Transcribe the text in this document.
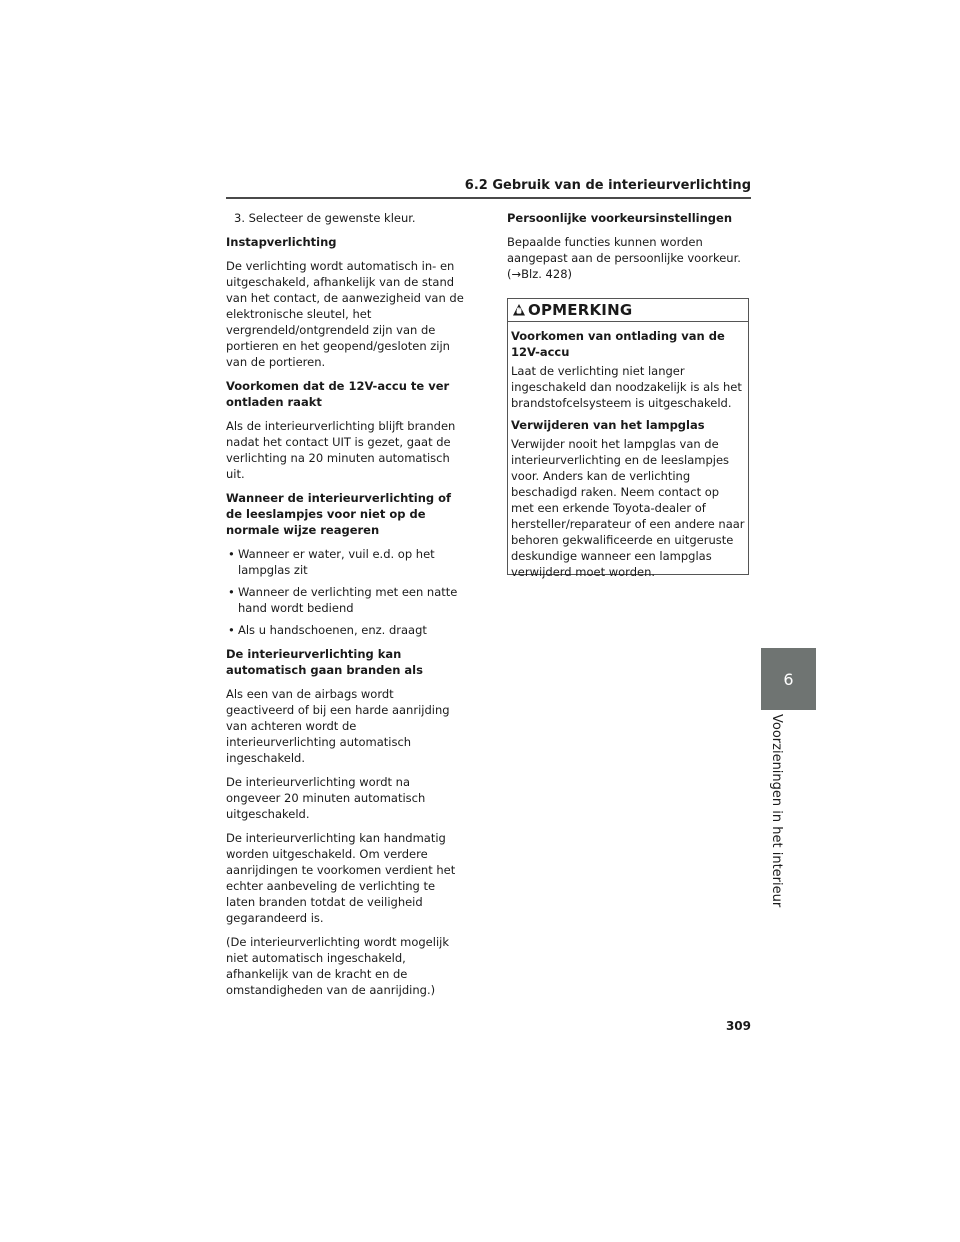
6.2 Gebruik van de interieurverlichting

3. Selecteer de gewenste kleur.

Instapverlichting

De verlichting wordt automatisch in- en uitgeschakeld, afhankelijk van de stand van het contact, de aanwezigheid van de elektronische sleutel, het vergrendeld/ontgrendeld zijn van de portieren en het geopend/gesloten zijn van de portieren.

Voorkomen dat de 12V-accu te ver ontladen raakt

Als de interieurverlichting blijft branden nadat het contact UIT is gezet, gaat de verlichting na 20 minuten automatisch uit.

Wanneer de interieurverlichting of de leeslampjes voor niet op de normale wijze reageren

• Wanneer er water, vuil e.d. op het lampglas zit
• Wanneer de verlichting met een natte hand wordt bediend
• Als u handschoenen, enz. draagt

De interieurverlichting kan automatisch gaan branden als

Als een van de airbags wordt geactiveerd of bij een harde aanrijding van achteren wordt de interieurverlichting automatisch ingeschakeld.

De interieurverlichting wordt na ongeveer 20 minuten automatisch uitgeschakeld.

De interieurverlichting kan handmatig worden uitgeschakeld. Om verdere aanrijdingen te voorkomen verdient het echter aanbeveling de verlichting te laten branden totdat de veiligheid gegarandeerd is.

(De interieurverlichting wordt mogelijk niet automatisch ingeschakeld, afhankelijk van de kracht en de omstandigheden van de aanrijding.)

Persoonlijke voorkeursinstellingen

Bepaalde functies kunnen worden aangepast aan de persoonlijke voorkeur. (→Blz. 428)

OPMERKING

Voorkomen van ontlading van de 12V-accu

Laat de verlichting niet langer ingeschakeld dan noodzakelijk is als het brandstofcelsysteem is uitgeschakeld.

Verwijderen van het lampglas

Verwijder nooit het lampglas van de interieurverlichting en de leeslampjes voor. Anders kan de verlichting beschadigd raken. Neem contact op met een erkende Toyota-dealer of hersteller/reparateur of een andere naar behoren gekwalificeerde en uitgeruste deskundige wanneer een lampglas verwijderd moet worden.

6
Voorzieningen in het interieur
309
